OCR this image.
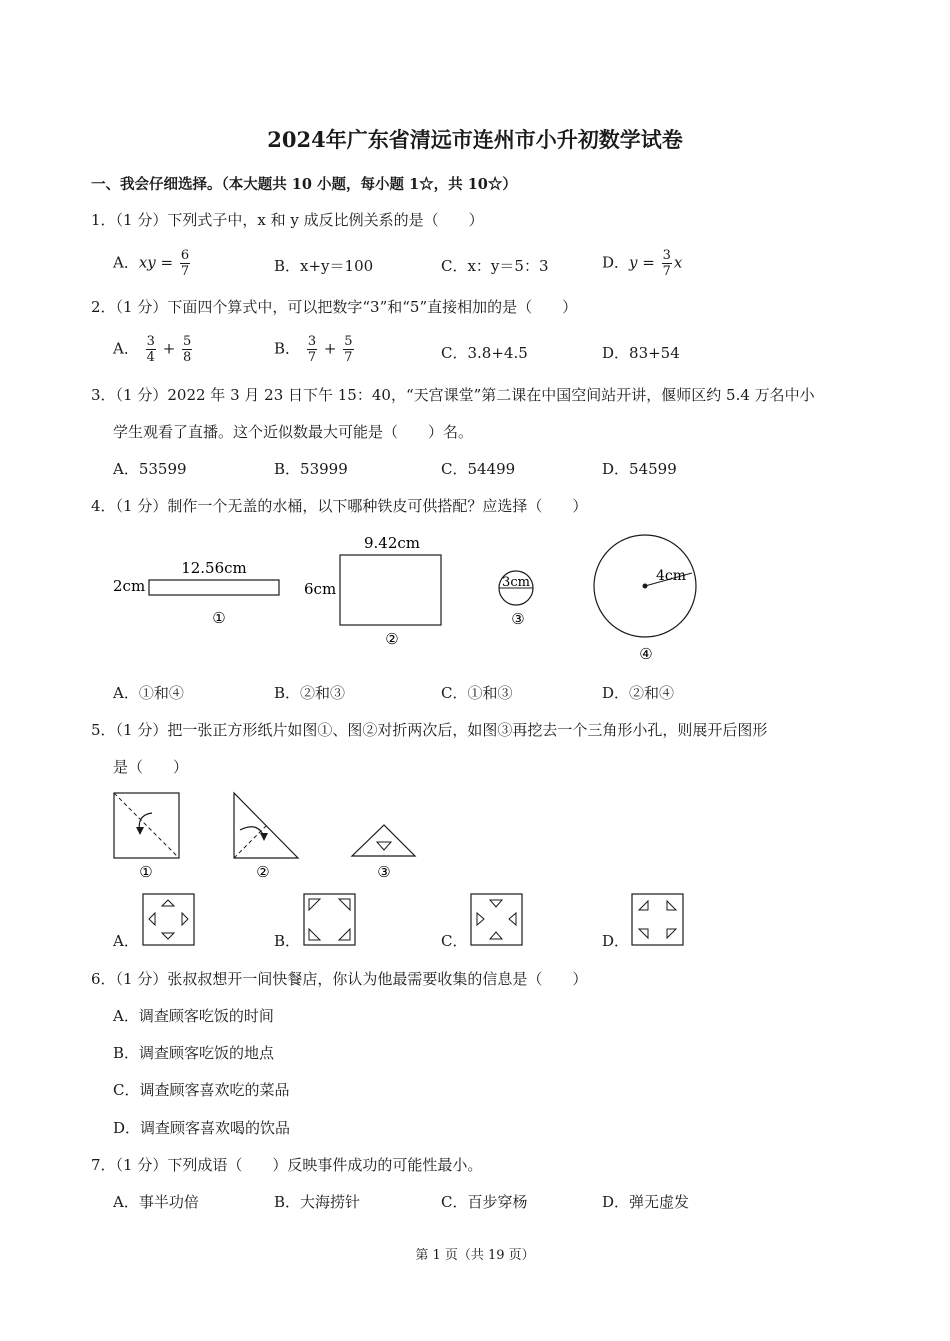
2024年广东省清远市连州市小升初数学试卷
一、我会仔细选择。（本大题共 10 小题，每小题 1☆，共 10☆）
1．（1 分）下列式子中，x 和 y 成反比例关系的是（　　）
A．xy = $\frac{6}{7}$	B．x+y＝100	C．x：y＝5：3	D．$y = \frac{3}{7}$ x
2．（1 分）下面四个算式中，可以把数字“3”和“5”直接相加的是（　　）
A． $\frac{3}{4} + \frac{5}{8}$	B． $\frac{3}{7} + \frac{5}{7}$	C．3.8+4.5	D．83+54
3．（1 分）2022 年 3 月 23 日下午 15：40，“天宫课堂”第二课在中国空间站开讲，偃师区约 5.4 万名中小
学生观看了直播。这个近似数最大可能是（　　）名。
A．53599	B．53999	C．54499	D．54599
4．（1 分）制作一个无盖的水桶，以下哪种铁皮可供搭配？应选择（　　）
12.56cm
2cm
①
9.42cm
6cm
②
3cm
③
4cm
④
A．①和④	B．②和③	C．①和③	D．②和④
5．（1 分）把一张正方形纸片如图①、图②对折两次后，如图③再挖去一个三角形小孔，则展开后图形
是（　　）
①	②	③
A．	B．	C．	D．
6．（1 分）张叔叔想开一间快餐店，你认为他最需要收集的信息是（　　）
A．调查顾客吃饭的时间
B．调查顾客吃饭的地点
C．调查顾客喜欢吃的菜品
D．调查顾客喜欢喝的饮品
7．（1 分）下列成语（　　）反映事件成功的可能性最小。
A．事半功倍	B．大海捞针	C．百步穿杨	D．弹无虚发
第 1 页（共 19 页）
